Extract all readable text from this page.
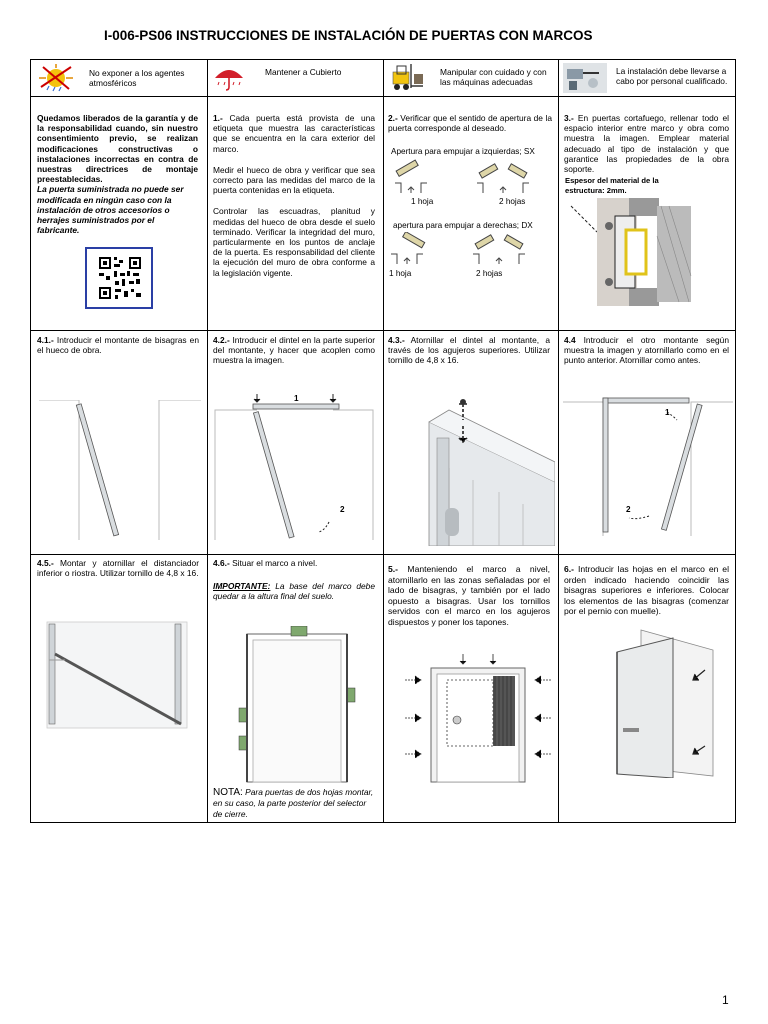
I-006-PS06 INSTRUCCIONES DE INSTALACIÓN DE PUERTAS CON MARCOS
No exponer a los agentes atmosféricos
Mantener a Cubierto	Manipular con cuidado y con las máquinas adecuadas
La instalación debe llevarse a cabo por personal cualificado.

Quedamos liberados de la garantía y de la responsabilidad cuando, sin nuestro consentimiento previo, se realizan modificaciones constructivas o instalaciones incorrectas en contra de nuestras directrices de montaje preestablecidas.

La puerta suministrada no puede ser modificada en ningún caso con la instalación de otros accesorios o herrajes suministrados por el fabricante.

1.- Cada puerta está provista de una etiqueta que muestra las características que se encuentra en la cara exterior del marco.

Medir el hueco de obra y verificar que sea correcto para las medidas del marco de la puerta contenidas en la etiqueta.

Controlar las escuadras, planitud y medidas del hueco de obra desde el suelo terminado. Verificar la integridad del muro, particularmente en los puntos de anclaje de la puerta. Es responsabilidad del cliente la ejecución del muro de obra conforme a la legislación vigente.

2.- Verificar que el sentido de apertura de la puerta corresponde al deseado.

Apertura para empujar a izquierdas; SX
1 hoja	2 hojas
apertura para empujar a derechas; DX
1 hoja	2 hojas

3.- En puertas cortafuego, rellenar todo el espacio interior entre marco y obra como muestra la imagen. Emplear material adecuado al tipo de instalación y que garantice las propiedades de la obra soporte.

Espesor del material de la estructura: 2mm.

4.1.- Introducir el montante de bisagras en el hueco de obra.

4.2.- Introducir el dintel en la parte superior del montante, y hacer que acoplen como muestra la imagen.

1
2

4.3.- Atornillar el dintel al montante, a través de los agujeros superiores. Utilizar tornillo de 4,8 x 16.

4.4 Introducir el otro montante según muestra la imagen y atornillarlo como en el punto anterior. Atornillar como antes.

1
2

4.5.- Montar y atornillar el distanciador inferior o riostra. Utilizar tornillo de 4,8 x 16.

4.6.- Situar el marco a nivel.

IMPORTANTE: La base del marco debe quedar a la altura final del suelo.

NOTA: Para puertas de dos hojas montar, en su caso, la parte posterior del selector de cierre.

5.- Manteniendo el marco a nivel, atornillarlo en las zonas señaladas por el lado de bisagras, y también por el lado opuesto a bisagras. Usar los tornillos servidos con el marco en los agujeros dispuestos y poner los tapones.

6.- Introducir las hojas en el marco en el orden indicado haciendo coincidir las bisagras superiores e inferiores. Colocar los elementos de las bisagras (comenzar por el pernio con muelle).

1
